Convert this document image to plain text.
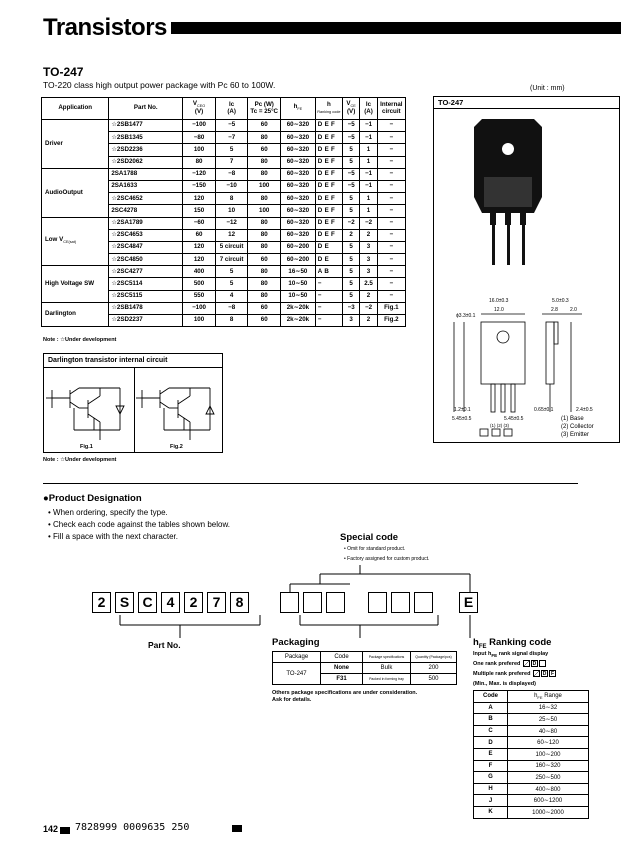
Transistors
TO-247
TO-220 class high output power package with Pc 60 to 100W.	(Unit : mm)
Application	Part No.	$V_{CEO}$
(V)	Ic
(A)	Pc (W)
Tc = 25°C	$h_{FE}$	h
Ranking code	$V_{CE}$ (V)	Ic (A)	Internal
circuit
Driver	☆2SB1477	−100	−5	60	60∼320	D E F	−5	−1	−
	☆2SB1345	−80	−7	80	60∼320	D E F	−5	−1	−
	☆2SD2236	100	5	60	60∼320	D E F	5	1	−
	☆2SD2062	80	7	80	60∼320	D E F	5	1	−
AudioOutput	2SA1788	−120	−8	80	60∼320	D E F	−5	−1	−
	2SA1633	−150	−10	100	60∼320	D E F	−5	−1	−
	☆2SC4652	120	8	80	60∼320	D E F	5	1	−
	2SC4278	150	10	100	60∼320	D E F	5	1	−
Low $V_{CE(sat)}$	☆2SA1789	−60	−12	80	60∼320	D E F	−2	−2	−
	☆2SC4653	60	12	80	60∼320	D E F	2	2	−
	☆2SC4847	120	5 circuit	80	60∼200	D E	5	3	−
	☆2SC4850	120	7 circuit	60	60∼200	D E	5	3	−
High Voltage SW	☆2SC4277	400	5	80	16∼50	A B	5	3	−
	☆2SC5114	500	5	80	10∼50	−	5	2.5	−
	☆2SC5115	550	4	80	10∼50	−	5	2	−
Darlington	☆2SB1478	−100	−8	60	2k∼20k	−	−3	−2	Fig.1
	☆2SD2237	100	8	60	2k∼20k	−	3	2	Fig.2
Note : ☆Under development
TO-247
16.0±0.3
12.0
ϕ3.3±0.1
5.0±0.3
2.8 2.0
1.2±0.1
5.45±0.5	5.45±0.5
0.65±0.1	2.4±0.5
(1) (2) (3)
(1) Base
(2) Collector
(3) Emitter
Darlington transistor internal circuit
Fig.1	Fig.2
Note : ☆Under development
●Product Designation
• When ordering, specify the type.
• Check each code against the tables shown below.
• Fill a space with the next character.	Special code
• Omit for standard product.
• Factory assigned for custom product.
2	S C	4	2	7	8	E
Part No.	Packaging
Package	Code	Package specifications	Quantity (Package/pcs)
TO-247	None	Bulk	200
	F31	Packed in forming tray	500
Others package specifications are under consideration.
Ask for details.
$h_{FE}$ Ranking code
Input $h_{FE}$ rank signal display
One rank prefered D
Multiple rank prefered D F
(Min., Max. is displayed)
Code	$h_{FE}$ Range
A	16∼32
B	25∼50
C	40∼80
D	60∼120
E	100∼200
F	160∼320
G	250∼500
H	400∼800
J	600∼1200
K	1000∼2000
142 7828999 0009635 250
